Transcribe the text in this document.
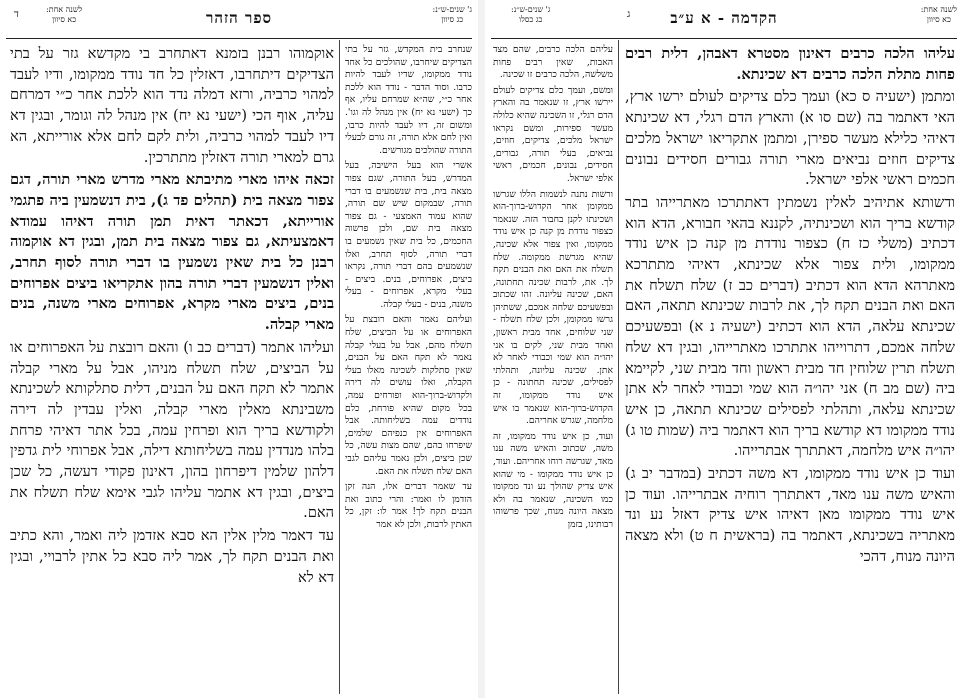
ג' שנים-ש״נ:
כג סיוון
ד	ספר הזהר
לשנה אחת:
כא סיוון

שנחרב בית המקדש, גזר על בתי הצדיקים שיחרבו, שהולכים כל אחד נודד ממקומו, שדיו לעבד להיות כרבו. וסוד הדבר - נודד הוא ללכת אחר כ״י, שה״א שמרחם עליו, אף כך (ישעי נא יח) אין מנהל לה וגו'. ומשום זה, דיו לעבד להיות כרבו, ואין לחם אלא תורה, זה גורם לבעלי התורה שהולכים מגורשים.

אשרי הוא בעל הישיבה, בעל המדרש, בעל התורה, שגם צפור מצאה בית, בית שנשמעים בו דברי תורה, שבמקום שיש שם תורה, שהוא עמוד האמצעי - גם צפור מצאה בית שם, ולכן פרשוה החכמים, כל בית שאין נשמעים בו דברי תורה, לסוף תחרב, ואלו שנשמעים בהם דברי תורה, נקראו ביצים, אפרוחים, בנים. ביצים - בעלי מקרא, אפרוחים - בעלי משנה, בנים - בעלי קבלה.

ועליהם נאמר והאם רובצת על האפרוחים או על הביצים, שלח תשלח מהם, אבל על בעלי קבלה נאמר לא תקח האם על הבנים, שאין סתלקות לשכינה מאלו בעלי הקבלה, ואלו עושים לה דירה ולקדוש-ברוך-הוא ופורחים עמה, בכל מקום שהיא פורחת, כלם נודדים עמה בשליחותה. אבל האפרוחים אין כנפיהם שלמים, שיפרחו בהם, שהם מצות עשה, כל שכן ביצים, ולכן נאמר עליהם לגבי האם שלח תשלח את האם.

עד שאמר דברים אלו, הנה זקן הזדמן לו ואמר: והרי כתוב ואת הבנים תקח לך! אמר לו: זקן, כל האתין לרבות, ולכן לא אמר

אוקמוהו רבנן בזמנא דאתחרב בי מקדשא גזר על בתי הצדיקים דיתחרבו, דאזלין כל חד נודד ממקומו, ודיו לעבד למהוי כרביה, ורזא דמלה נדד הוא ללכת אחר כ״י דמרחם עליה, אוף הכי (ישעי נא יח) אין מנהל לה וגומר, ובגין דא דיו לעבד למהוי כרביה, ולית לקם לחם אלא אורייתא, הא גרם למארי תורה דאזלין מתתרכין.

זכאה איהו מארי מתיבתא מארי מדרש מארי תורה, דגם צפור מצאה בית (תהלים פד ג), בית דנשמעין ביה פתגמי אורייתא, דכאתר דאית תמן תורה דאיהו עמודא דאמצעיתא, גם צפור מצאה בית תמן, ובגין דא אוקמוה רבנן כל בית שאין נשמעין בו דברי תורה לסוף תחרב, ואלין דנשמעין דברי תורה בהון אתקריאו ביצים אפרוחים בנים, ביצים מארי מקרא, אפרוחים מארי משנה, בנים מארי קבלה.

ועליהו אתמר (דברים כב ו) והאם רובצת על האפרוחים או על הביצים, שלח תשלח מניהו, אבל על מארי קבלה אתמר לא תקח האם על הבנים, דלית סתלקותא לשכינתא משבינתא מאלין מארי קבלה, ואלין עבדין לה דירה ולקודשא בריך הוא ופרחין עמה, בכל אתר דאיהי פרחת בלהו מנדדין עמה בשליחותא דילה, אבל אפרוחי לית גדפין דלהון שלמין דיפרחון בהון, דאינון פקודי דעשה, כל שכן ביצים, ובגין דא אתמר עליהו לגבי אימא שלח תשלח את האם.

עד דאמר מלין אלין הא סבא אזדמן ליה ואמר, והא כתיב ואת הבנים תקח לך, אמר ליה סבא כל אתין לרבויי, ובגין דא לא

לשנה אחת:
כא סיוון
הקדמה - א ע״ב
ג
ג' שנים-ש״נ:
כג כסלו

עליהו הלכה כרבים דאינון מסטרא דאבהן, דלית רבים פחות מתלת הלכה כרבים דא שכינתא.

ומתמן (ישעיה ס כא) ועמך כלם צדיקים לעולם ירשו ארץ, האי דאתמר בה (שם סו א) והארץ הדם רגלי, דא שכינתא דאיהי כלילא מעשר ספירן, ומתמן אתקריאו ישראל מלכים צדיקים חוזים נביאים מארי תורה גבורים חסידים נבונים חכמים ראשי אלפי ישראל.

ודשותא אתיהיב לאלין נשמתין דאתתרכו מאתרייהו בתר קודשא בריך הוא ושכינתיה, לקננא בהאי חבורא, הדא הוא דכתיב (משלי כז ח) כצפור נודדת מן קנה כן איש נודד ממקומו, ולית צפור אלא שכינתא, דאיהי מתתרכא מאתרהא הדא הוא דכתיב (דברים כב ז) שלח תשלח את האם ואת הבנים תקח לך, את לרבות שכינתא תתאה, האם שכינתא עלאה, הדא הוא דכתיב (ישעיה נ א) ובפשעיכם שלחה אמכם, דתרוייהו אתתרכו מאתרייהו, ובגין דא שלח תשלח תרין שלוחין חד מבית ראשון וחד מבית שני, לקיימא ביה (שם מב ח) אני יהו״ה הוא שמי וכבודי לאחר לא אתן שכינתא עלאה, ותהלתי לפסילים שכינתא תתאה, כן איש נודד ממקומו דא קודשא בריך הוא דאתמר ביה (שמות טו ג) יהו״ה איש מלחמה, דאתתרך אבתרייהו.

ועוד כן איש נודד ממקומו, דא משה דכתיב (במדבר יב ג) והאיש משה ענו מאד, דאתתרך רוחיה אבתרייהו. ועוד כן איש נודד ממקומו מאן דאיהו איש צדיק דאזל נע ונד מאתריה בשכינתא, דאתמר בה (בראשית ח ט) ולא מצאה היונה מנוח, דהכי

עליהם הלכה כרבים, שהם מצד האבות, שאין רבים פחות משלשה, הלכה כרבים זו שכינה.

ומשם, ועמך כלם צדיקים לעולם יירשו ארץ, זו שנאמר בה והארץ הדם רגלי, זו השכינה שהיא כלולה מעשר ספירות, ומשם נקראו ישראל מלכים, צדיקים, חוזים, נביאים, בעלי תורה, גבורים, חסידים, נבונים, חכמים, ראשי אלפי ישראל.

ורשות נתנה לנשמות הללו שגרשו ממקומן אחר הקדוש-ברוך-הוא ושכינתו לקנן בחבור הזה. שנאמר כצפור נודדת מן קנה כן איש נודד ממקומו, ואין צפור אלא שכינה, שהיא מגרשת ממקומה. שלח תשלח את האם ואת הבנים תקח לך. את, לרבות שכינה תחתונה, האם, שכינה עליונה. זהו שכתוב ובפשעיכם שלחה אמכם, ששתיהן גרשו ממקומן, ולכן שלח תשלח - שני שלוחים, אחד מבית ראשון, ואחד מבית שני, לקים בו אני יהו״ה הוא שמי וכבודי לאחר לא אתן. שכינה עליונה, ותהלתי לפסילים, שכינה תחתונה - כן איש נודד ממקומו, זה הקדוש-ברוך-הוא שנאמר בו איש מלחמה, שגרש אחריהם.

ועוד, כן איש נודד ממקומו, זה משה, שכתוב והאיש משה ענו מאד, שגרשה רוחו אחריהם. ועוד, כן איש נודד ממקומו - מי שהוא איש צדיק שהולך נע ונד ממקומו כמו השכינה, שנאמר בה ולא מצאה היונה מנוח, שכך פרשוהו רבותינו, בזמן
